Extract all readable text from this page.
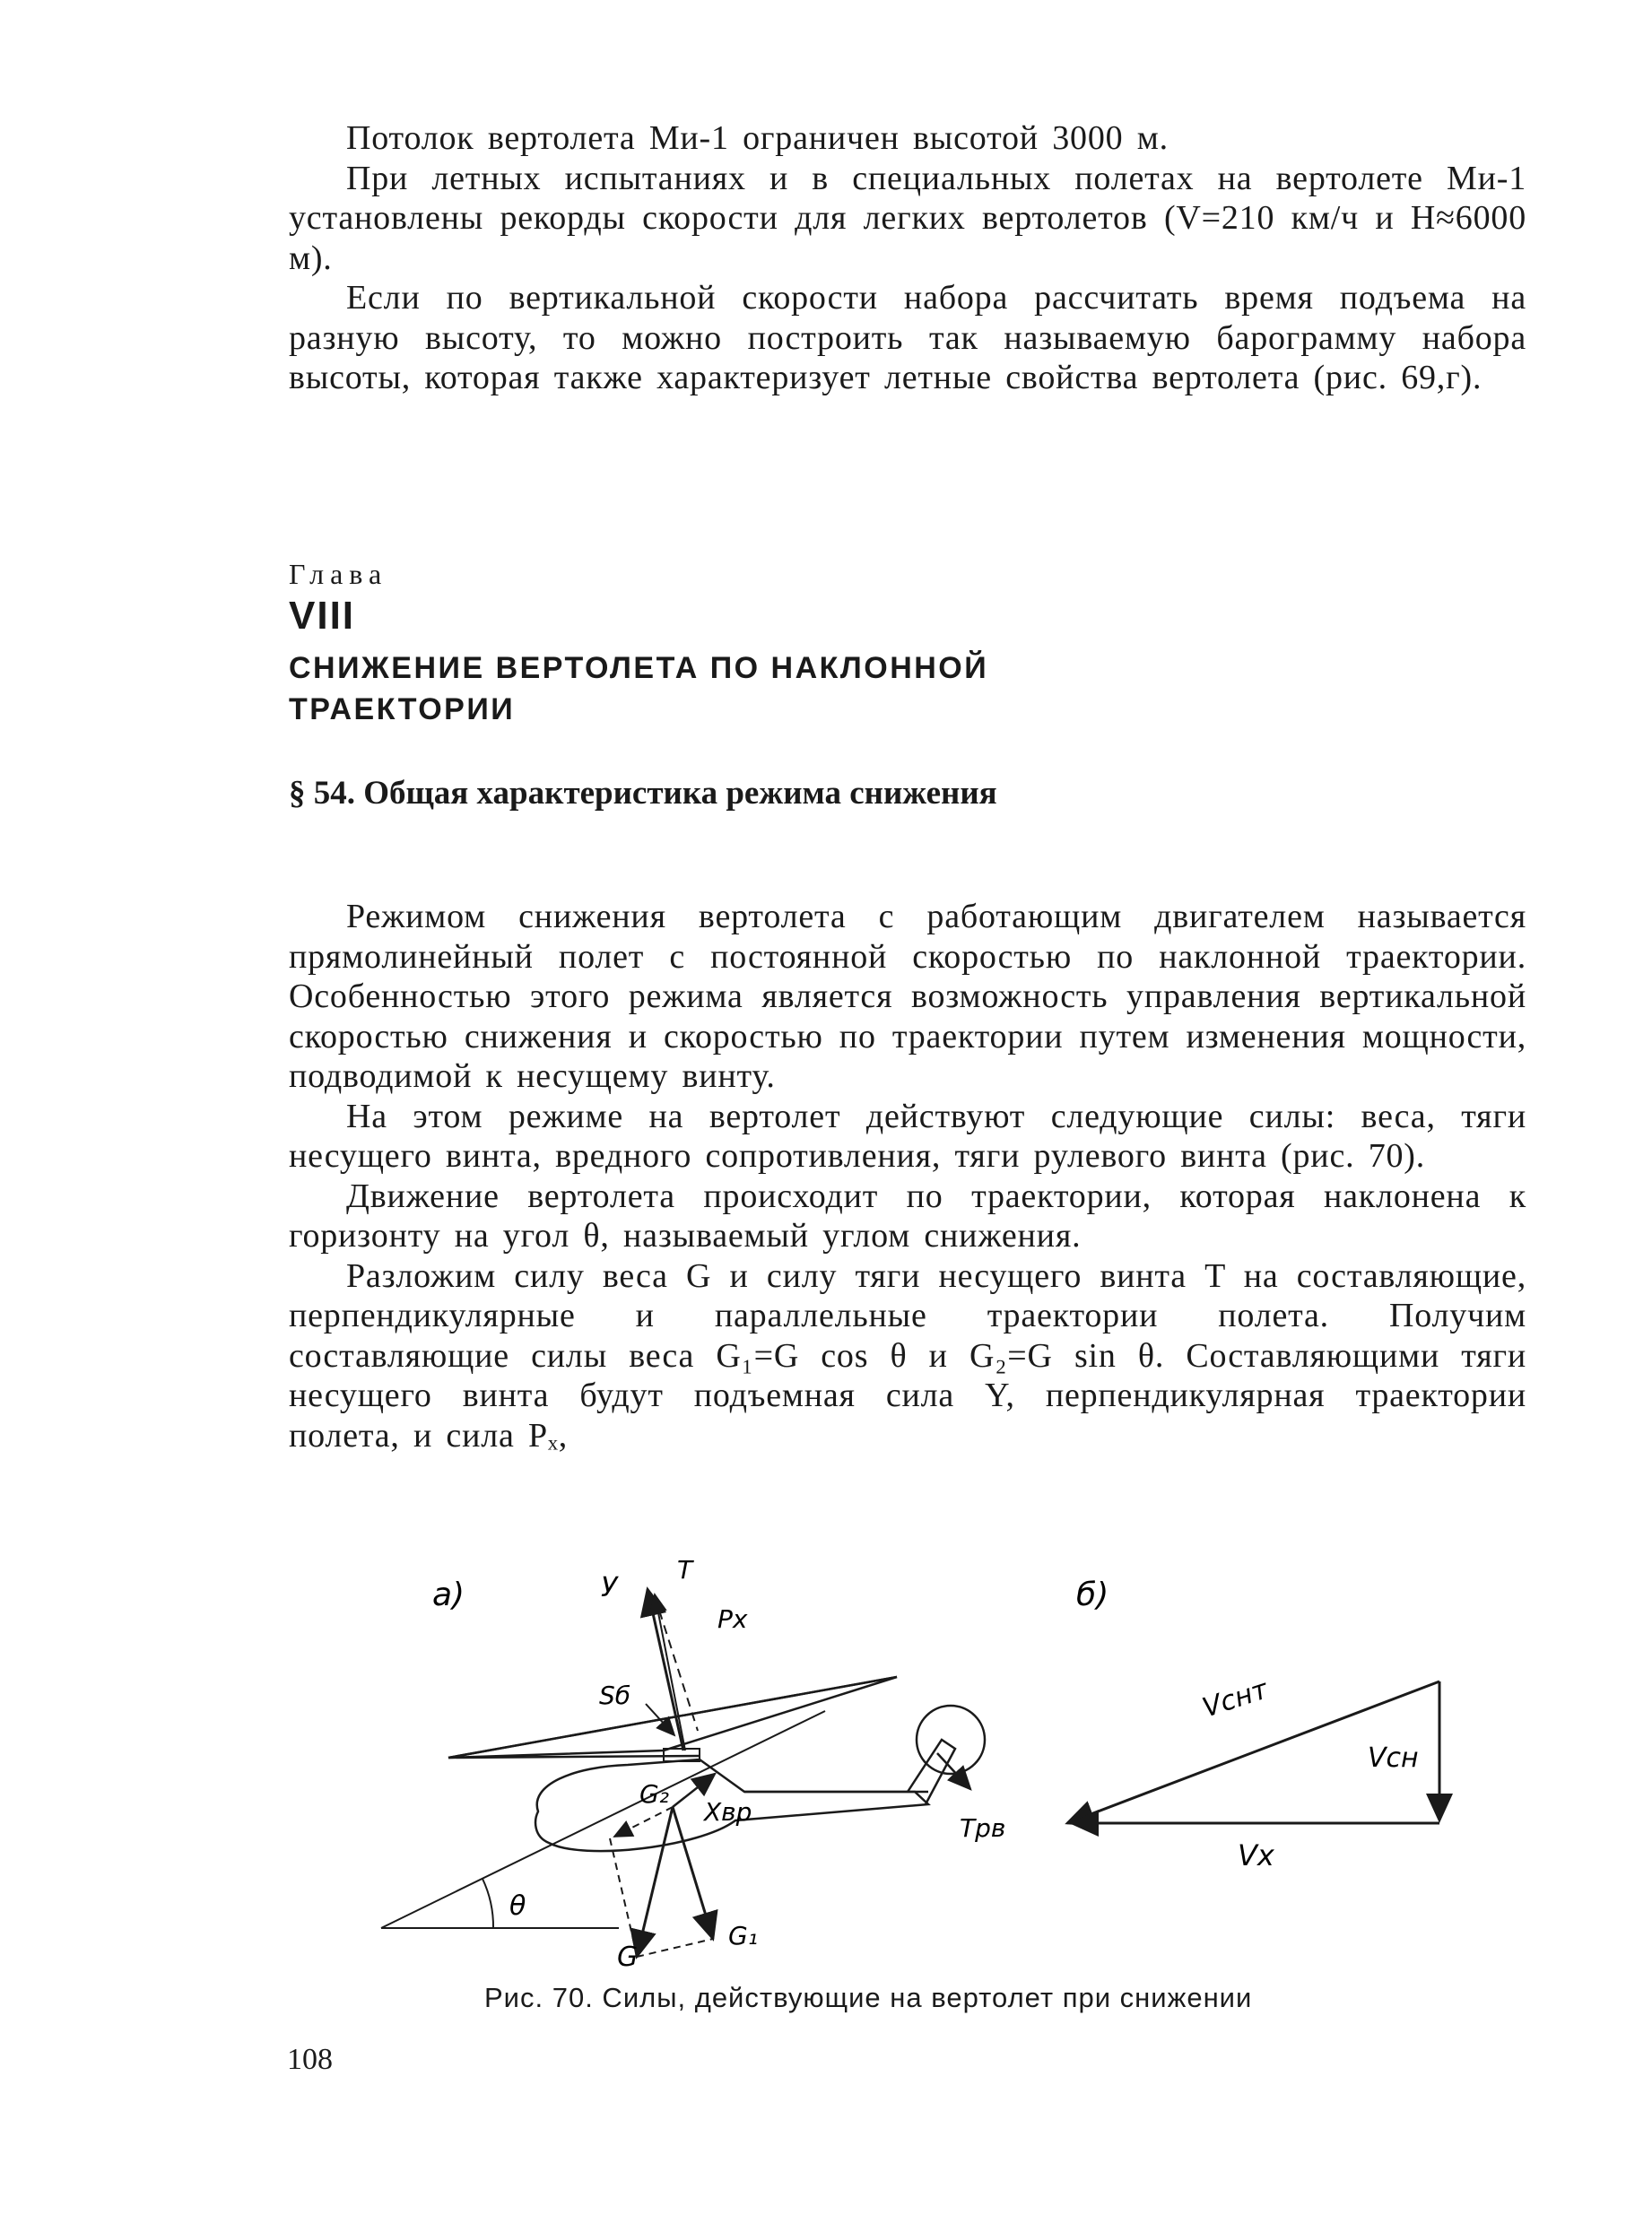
Потолок вертолета Ми-1 ограничен высотой 3000 м.

При летных испытаниях и в специальных полетах на вертолете Ми-1 установлены рекорды скорости для легких вертолетов (V=210 км/ч и H≈6000 м).

Если по вертикальной скорости набора рассчитать время подъема на разную высоту, то можно построить так называемую барограмму набора высоты, которая также характеризует летные свойства вертолета (рис. 69,г).

Глава
VIII
СНИЖЕНИЕ ВЕРТОЛЕТА ПО НАКЛОННОЙ ТРАЕКТОРИИ
§ 54. Общая характеристика режима снижения

Режимом снижения вертолета с работающим двигателем называется прямолинейный полет с постоянной скоростью по наклонной траектории. Особенностью этого режима является возможность управления вертикальной скоростью снижения и скоростью по траектории путем изменения мощности, подводимой к несущему винту.

На этом режиме на вертолет действуют следующие силы: веса, тяги несущего винта, вредного сопротивления, тяги рулевого винта (рис. 70).

Движение вертолета происходит по траектории, которая наклонена к горизонту на угол θ, называемый углом снижения.

Разложим силу веса G и силу тяги несущего винта T на составляющие, перпендикулярные и параллельные траектории полета. Получим составляющие силы веса G₁=G cos θ и G₂=G sin θ. Составляющими тяги несущего винта будут подъемная сила Y, перпендикулярная траектории полета, и сила Pₓ,

а)
θ
Tрв
У
T
Pх
Sб
G₂
Xвр
G
G₁
б)
Vснт
Vсн
Vх
Рис. 70. Силы, действующие на вертолет при снижении
108
